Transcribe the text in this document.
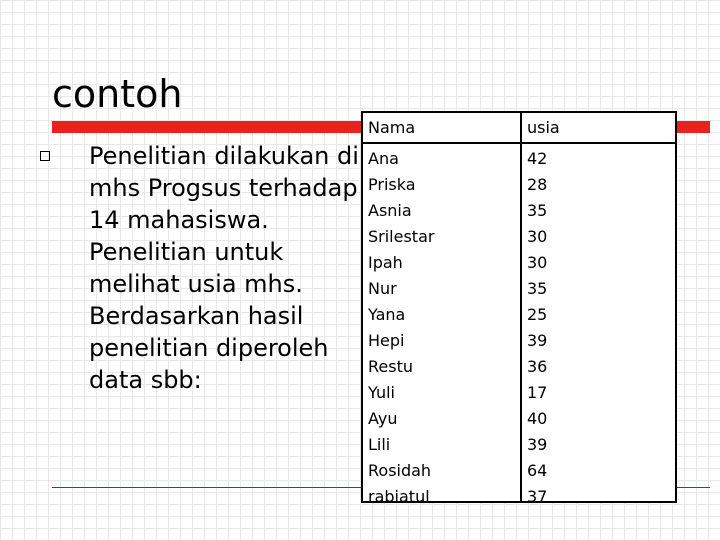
contoh
Penelitian dilakukan di mhs Progsus terhadap 14 mahasiswa. Penelitian untuk melihat usia mhs. Berdasarkan hasil penelitian diperoleh data sbb:
Nama	usia
Ana	42
Priska	28
Asnia	35
Srilestar	30
Ipah	30
Nur	35
Yana	25
Hepi	39
Restu	36
Yuli	17
Ayu	40
Lili	39
Rosidah	64
rabiatul	37
